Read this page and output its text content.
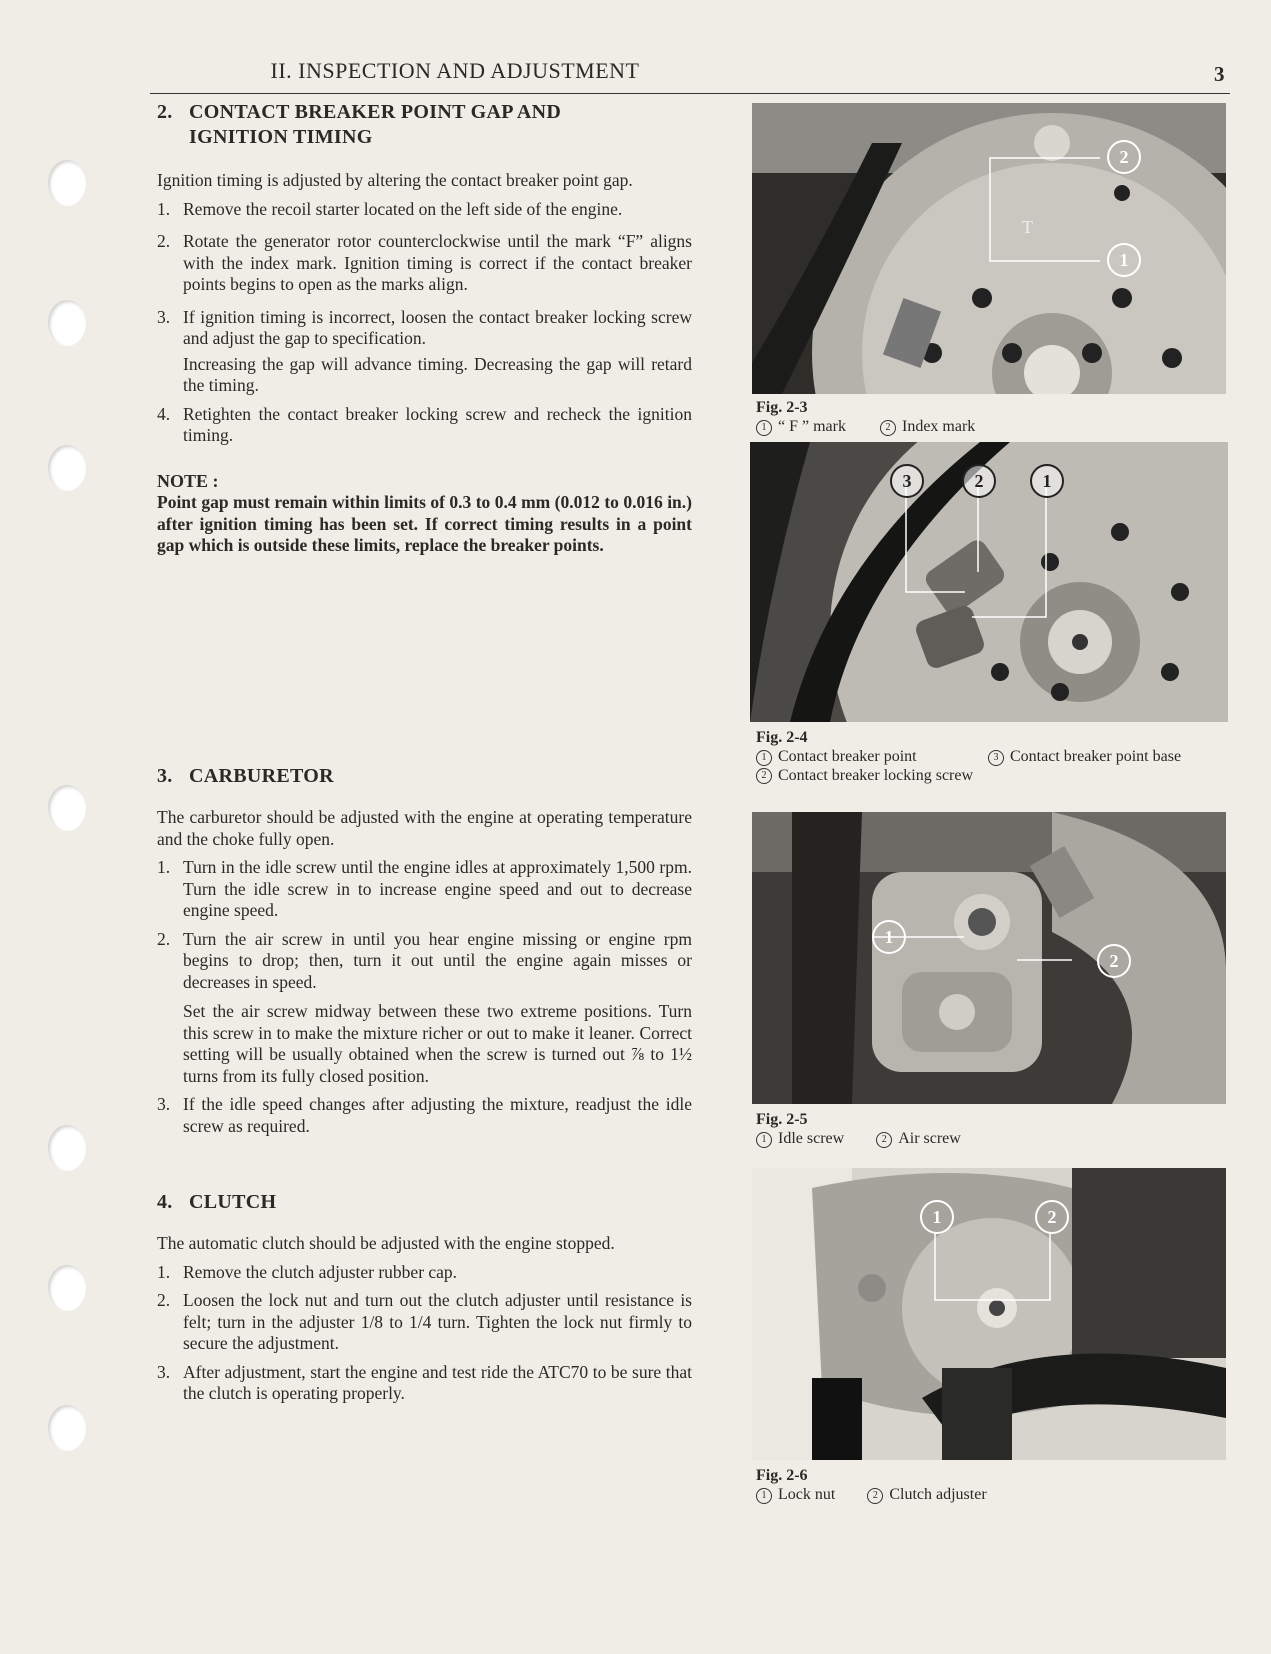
II. INSPECTION AND ADJUSTMENT	3
2. CONTACT BREAKER POINT GAP AND
IGNITION TIMING

Ignition timing is adjusted by altering the contact breaker point gap.

1. Remove the recoil starter located on the left side of the engine.
2. Rotate the generator rotor counterclockwise until the mark “F” aligns with the index mark. Ignition timing is correct if the contact breaker points begins to open as the marks align.
3. If ignition timing is incorrect, loosen the contact breaker locking screw and adjust the gap to specification.

Increasing the gap will advance timing. Decreasing the gap will retard the timing.

4. Retighten the contact breaker locking screw and recheck the ignition timing.

NOTE :

Point gap must remain within limits of 0.3 to 0.4 mm (0.012 to 0.016 in.) after ignition timing has been set. If correct timing results in a point gap which is outside these limits, replace the breaker points.

3. CARBURETOR

The carburetor should be adjusted with the engine at operating temperature and the choke fully open.

1. Turn in the idle screw until the engine idles at approximately 1,500 rpm. Turn the idle screw in to increase engine speed and out to decrease engine speed.
2. Turn the air screw in until you hear engine missing or engine rpm begins to drop; then, turn it out until the engine again misses or decreases in speed.

Set the air screw midway between these two extreme positions. Turn this screw in to make the mixture richer or out to make it leaner. Correct setting will be usually obtained when the screw is turned out ⅞ to 1½ turns from its fully closed position.

3. If the idle speed changes after adjusting the mixture, readjust the idle screw as required.
4. CLUTCH

The automatic clutch should be adjusted with the engine stopped.

1. Remove the clutch adjuster rubber cap.
2. Loosen the lock nut and turn out the clutch adjuster until resistance is felt; turn in the adjuster 1/8 to 1/4 turn. Tighten the lock nut firmly to secure the adjustment.
3. After adjustment, start the engine and test ride the ATC70 to be sure that the clutch is operating properly.
T
2
1
Fig. 2-3
1 “ F ” mark	2 Index mark
3	2	1
Fig. 2-4
1 Contact breaker point
2 Contact breaker locking screw
3 Contact breaker point base
1
2
Fig. 2-5
1 Idle screw	2 Air screw
1	2
Fig. 2-6
1 Lock nut	2 Clutch adjuster
